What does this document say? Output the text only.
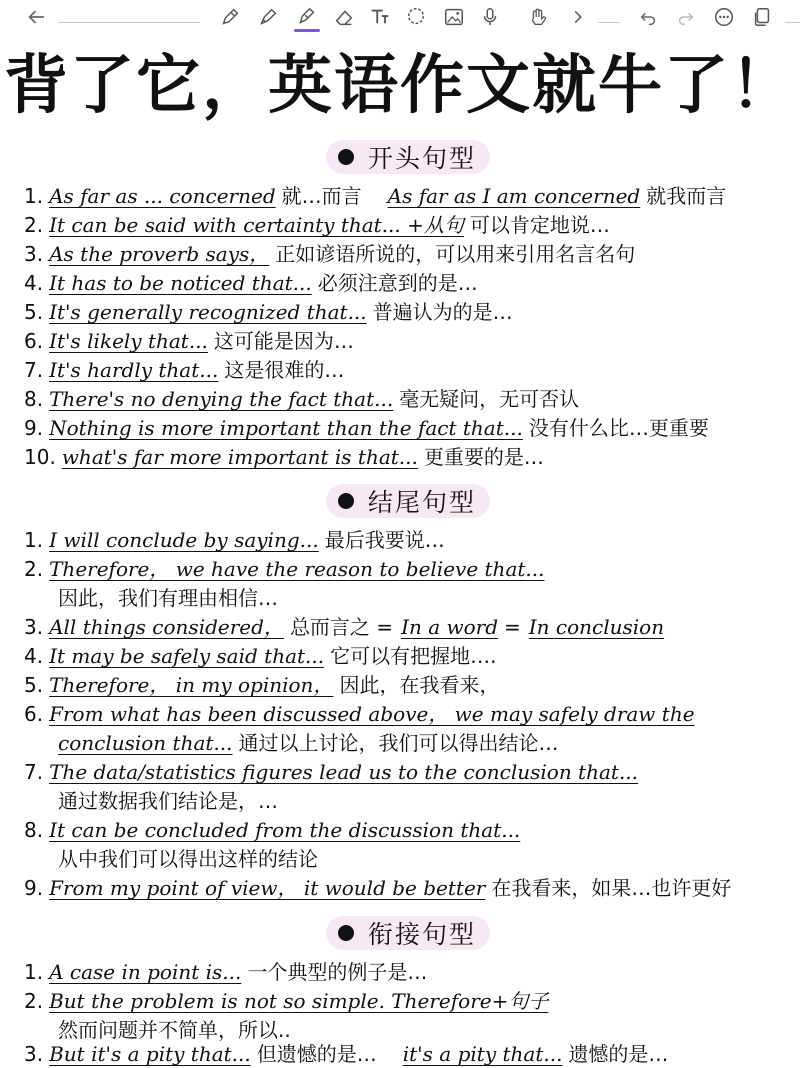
背了它，英语作文就牛了！
开头句型
1. As far as ... concerned 就…而言 As far as I am concerned 就我而言
2. It can be said with certainty that... +从句 可以肯定地说…
3. As the proverb says， 正如谚语所说的，可以用来引用名言名句
4. It has to be noticed that... 必须注意到的是…
5. It's generally recognized that... 普遍认为的是…
6. It's likely that... 这可能是因为…
7. It's hardly that... 这是很难的…
8. There's no denying the fact that... 毫无疑问，无可否认
9. Nothing is more important than the fact that... 没有什么比…更重要
10. what's far more important is that... 更重要的是…
结尾句型
1. I will conclude by saying... 最后我要说…
2. Therefore， we have the reason to believe that...
因此，我们有理由相信…
3. All things considered， 总而言之 = In a word = In conclusion
4. It may be safely said that... 它可以有把握地….
5. Therefore， in my opinion， 因此，在我看来，
6. From what has been discussed above， we may safely draw the
conclusion that... 通过以上讨论，我们可以得出结论…
7. The data/statistics figures lead us to the conclusion that...
通过数据我们结论是，…
8. It can be concluded from the discussion that...
从中我们可以得出这样的结论
9. From my point of view， it would be better 在我看来，如果…也许更好
衔接句型
1. A case in point is... 一个典型的例子是…
2. But the problem is not so simple. Therefore+句子
然而问题并不简单，所以..
3. But it's a pity that... 但遗憾的是… it's a pity that... 遗憾的是…
